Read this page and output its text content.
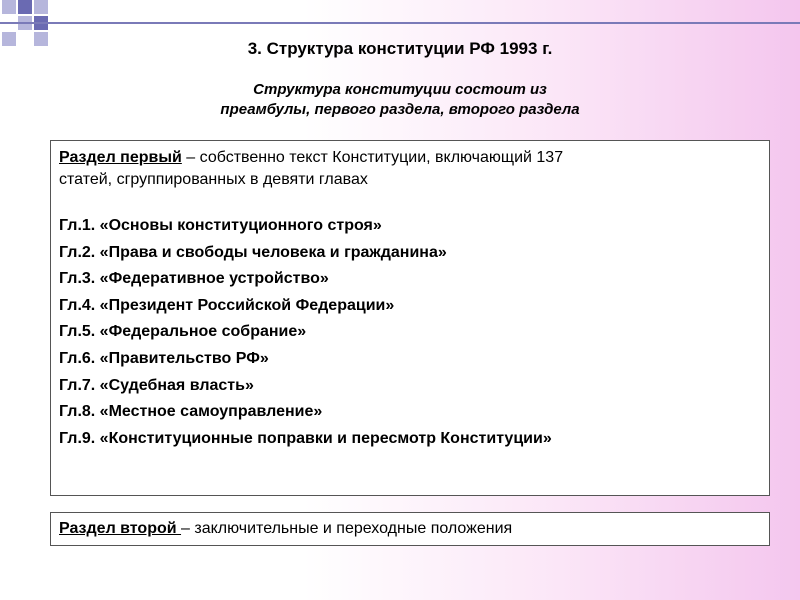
3. Структура конституции РФ 1993 г.
Структура конституции состоит из
преамбулы, первого раздела, второго раздела
Раздел первый – собственно текст Конституции, включающий 137
статей, сгруппированных в девяти главах
Гл.1. «Основы конституционного строя»
Гл.2. «Права и свободы человека и гражданина»
Гл.3. «Федеративное устройство»
Гл.4. «Президент Российской Федерации»
Гл.5. «Федеральное собрание»
Гл.6. «Правительство РФ»
Гл.7. «Судебная власть»
Гл.8. «Местное самоуправление»
Гл.9. «Конституционные поправки и пересмотр Конституции»
Раздел второй – заключительные и переходные положения
